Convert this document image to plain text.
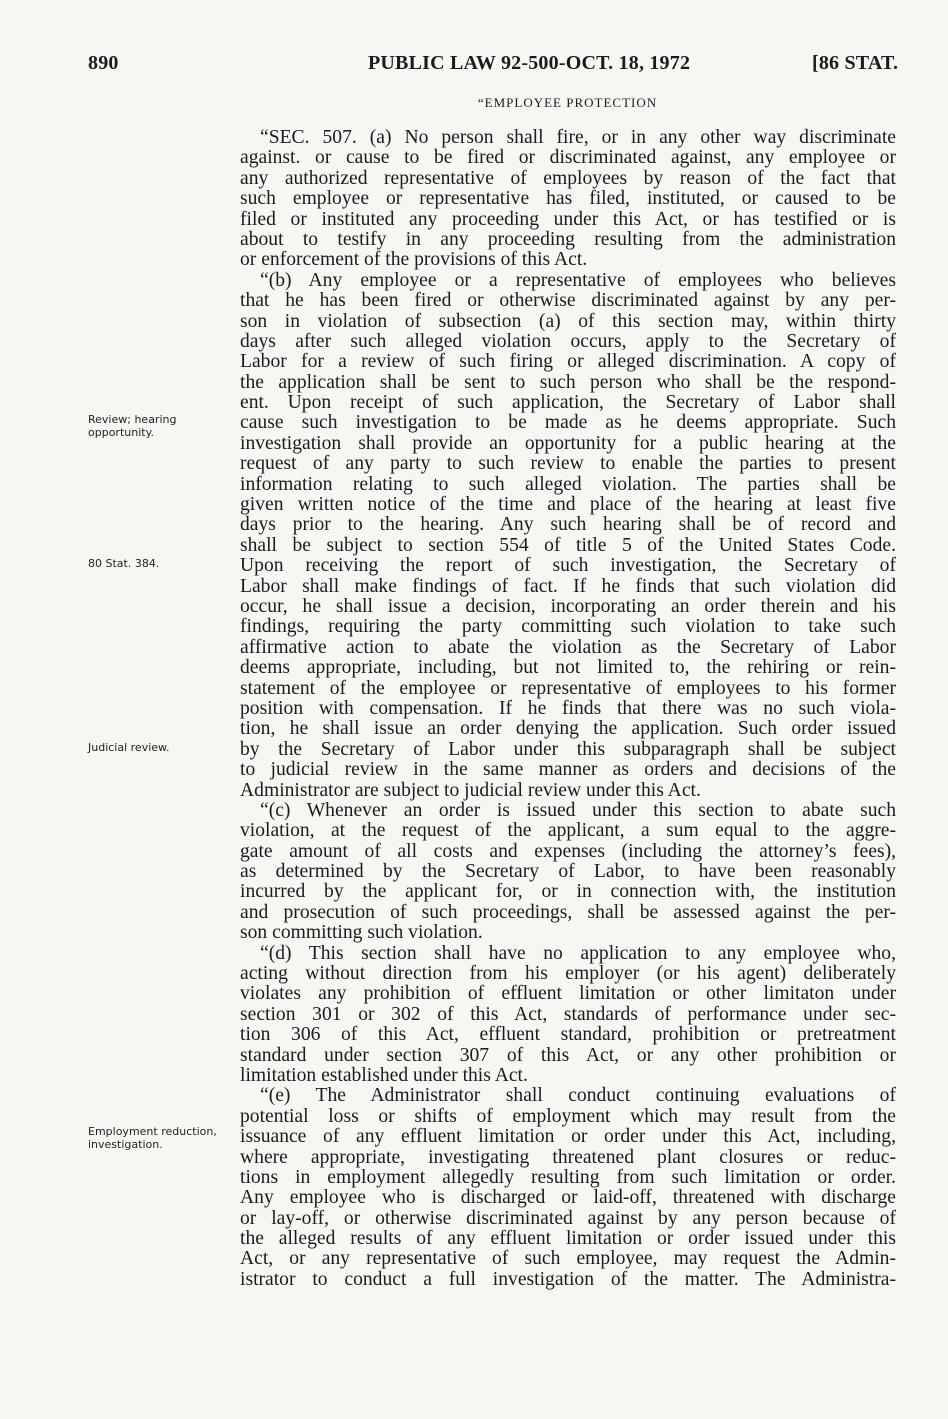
890	PUBLIC LAW 92-500-OCT. 18, 1972	[86 STAT.
“EMPLOYEE PROTECTION
“SEC. 507. (a) No person shall fire, or in any other way discriminate
against. or cause to be fired or discriminated against, any employee or
any authorized representative of employees by reason of the fact that
such employee or representative has filed, instituted, or caused to be
filed or instituted any proceeding under this Act, or has testified or is
about to testify in any proceeding resulting from the administration
or enforcement of the provisions of this Act.
“(b) Any employee or a representative of employees who believes
that he has been fired or otherwise discriminated against by any per-
son in violation of subsection (a) of this section may, within thirty
days after such alleged violation occurs, apply to the Secretary of
Labor for a review of such firing or alleged discrimination. A copy of
the application shall be sent to such person who shall be the respond-
ent. Upon receipt of such application, the Secretary of Labor shall
cause such investigation to be made as he deems appropriate. Such
investigation shall provide an opportunity for a public hearing at the
request of any party to such review to enable the parties to present
information relating to such alleged violation. The parties shall be
given written notice of the time and place of the hearing at least five
days prior to the hearing. Any such hearing shall be of record and
shall be subject to section 554 of title 5 of the United States Code.
Upon receiving the report of such investigation, the Secretary of
Labor shall make findings of fact. If he finds that such violation did
occur, he shall issue a decision, incorporating an order therein and his
findings, requiring the party committing such violation to take such
affirmative action to abate the violation as the Secretary of Labor
deems appropriate, including, but not limited to, the rehiring or rein-
statement of the employee or representative of employees to his former
position with compensation. If he finds that there was no such viola-
tion, he shall issue an order denying the application. Such order issued
by the Secretary of Labor under this subparagraph shall be subject
to judicial review in the same manner as orders and decisions of the
Administrator are subject to judicial review under this Act.
“(c) Whenever an order is issued under this section to abate such
violation, at the request of the applicant, a sum equal to the aggre-
gate amount of all costs and expenses (including the attorney’s fees),
as determined by the Secretary of Labor, to have been reasonably
incurred by the applicant for, or in connection with, the institution
and prosecution of such proceedings, shall be assessed against the per-
son committing such violation.
“(d) This section shall have no application to any employee who,
acting without direction from his employer (or his agent) deliberately
violates any prohibition of effluent limitation or other limitaton under
section 301 or 302 of this Act, standards of performance under sec-
tion 306 of this Act, effluent standard, prohibition or pretreatment
standard under section 307 of this Act, or any other prohibition or
limitation established under this Act.
“(e) The Administrator shall conduct continuing evaluations of
potential loss or shifts of employment which may result from the
issuance of any effluent limitation or order under this Act, including,
where appropriate, investigating threatened plant closures or reduc-
tions in employment allegedly resulting from such limitation or order.
Any employee who is discharged or laid-off, threatened with discharge
or lay-off, or otherwise discriminated against by any person because of
the alleged results of any effluent limitation or order issued under this
Act, or any representative of such employee, may request the Admin-
istrator to conduct a full investigation of the matter. The Administra-
Review; hearing opportunity.
80 Stat. 384.
Judicial review.
Employment reduction, investigation.
